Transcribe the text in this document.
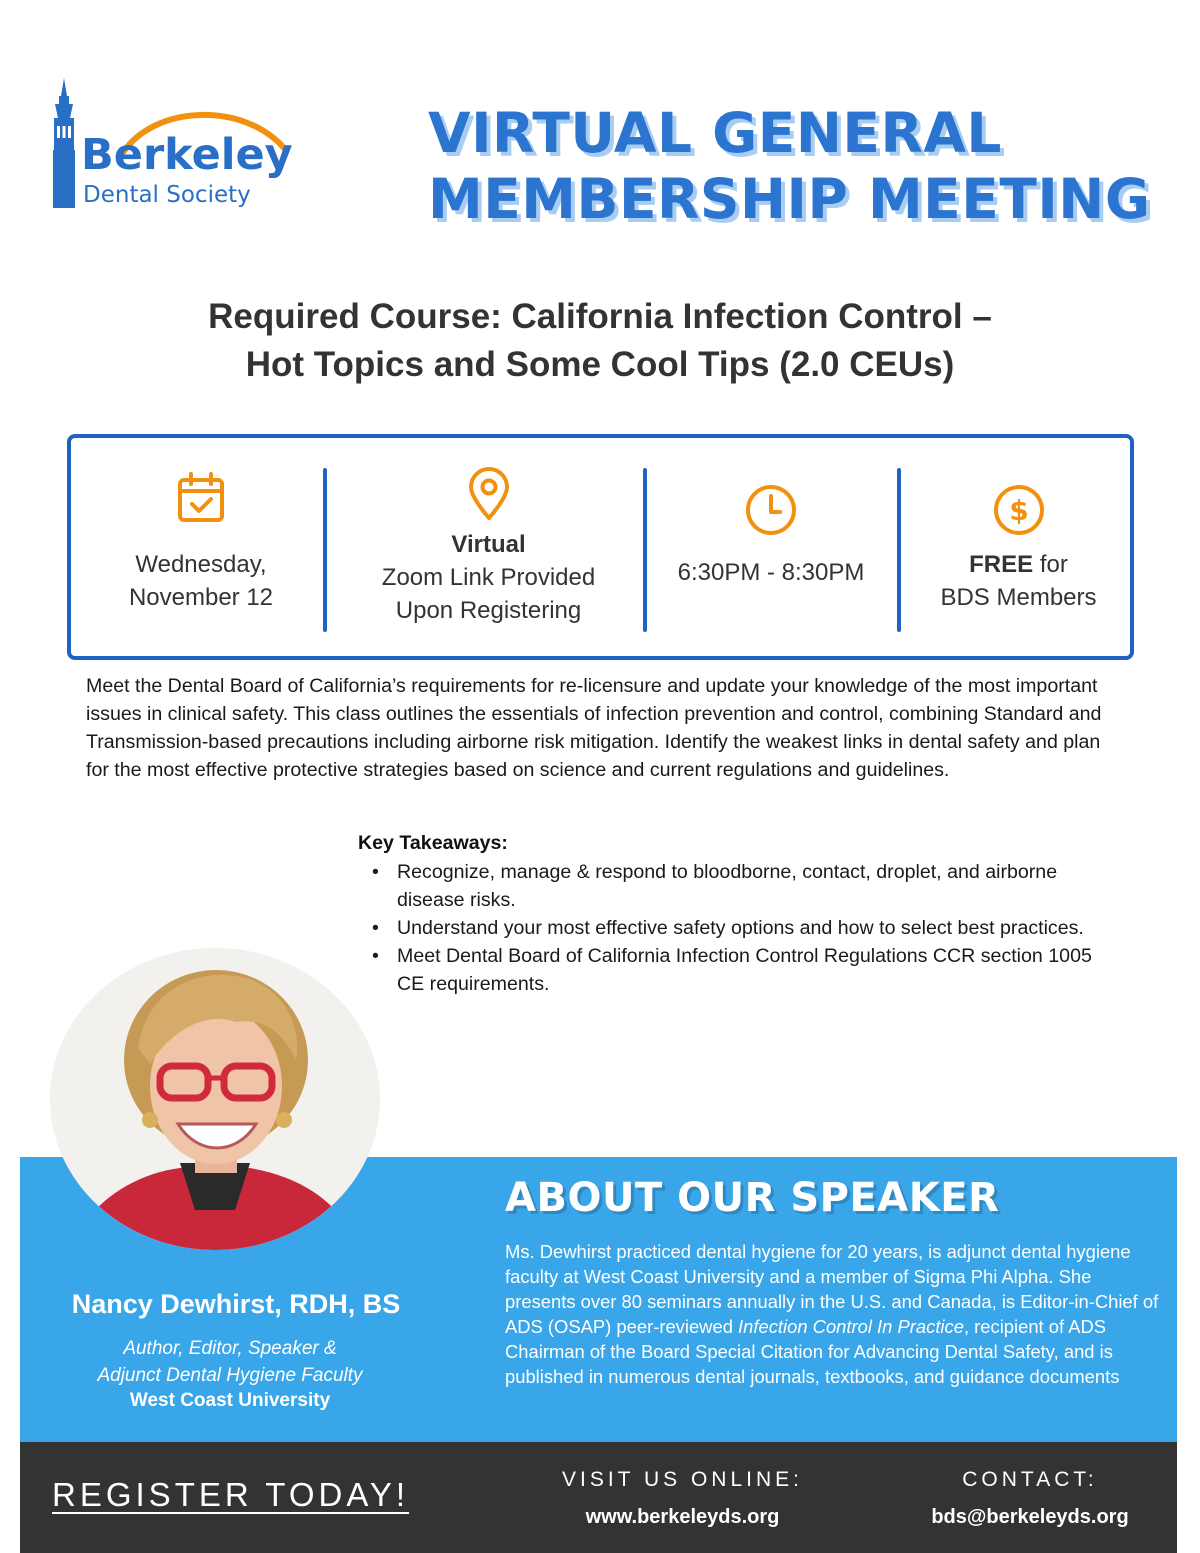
Berkeley
Dental Society
VIRTUAL GENERAL
MEMBERSHIP MEETING
Required Course: California Infection Control –
Hot Topics and Some Cool Tips (2.0 CEUs)
Wednesday,
November 12
Virtual
Zoom Link Provided
Upon Registering
6:30PM - 8:30PM
$
FREE for
BDS Members
Meet the Dental Board of California’s requirements for re-licensure and update your knowledge of the most important issues in clinical safety. This class outlines the essentials of infection prevention and control, combining Standard and Transmission-based precautions including airborne risk mitigation. Identify the weakest links in dental safety and plan for the most effective protective strategies based on science and current regulations and guidelines.
Key Takeaways:
• Recognize, manage & respond to bloodborne, contact, droplet, and airborne disease risks.
• Understand your most effective safety options and how to select best practices.
• Meet Dental Board of California Infection Control Regulations CCR section 1005 CE requirements.
ABOUT OUR SPEAKER
Ms. Dewhirst practiced dental hygiene for 20 years, is adjunct dental hygiene faculty at West Coast University and a member of Sigma Phi Alpha. She presents over 80 seminars annually in the U.S. and Canada, is Editor-in-Chief of ADS (OSAP) peer-reviewed Infection Control In Practice, recipient of ADS Chairman of the Board Special Citation for Advancing Dental Safety, and is published in numerous dental journals, textbooks, and guidance documents
Nancy Dewhirst, RDH, BS
Author, Editor, Speaker &
Adjunct Dental Hygiene Faculty
West Coast University
REGISTER TODAY!	VISIT US ONLINE:
www.berkeleyds.org
CONTACT:
bds@berkeleyds.org
